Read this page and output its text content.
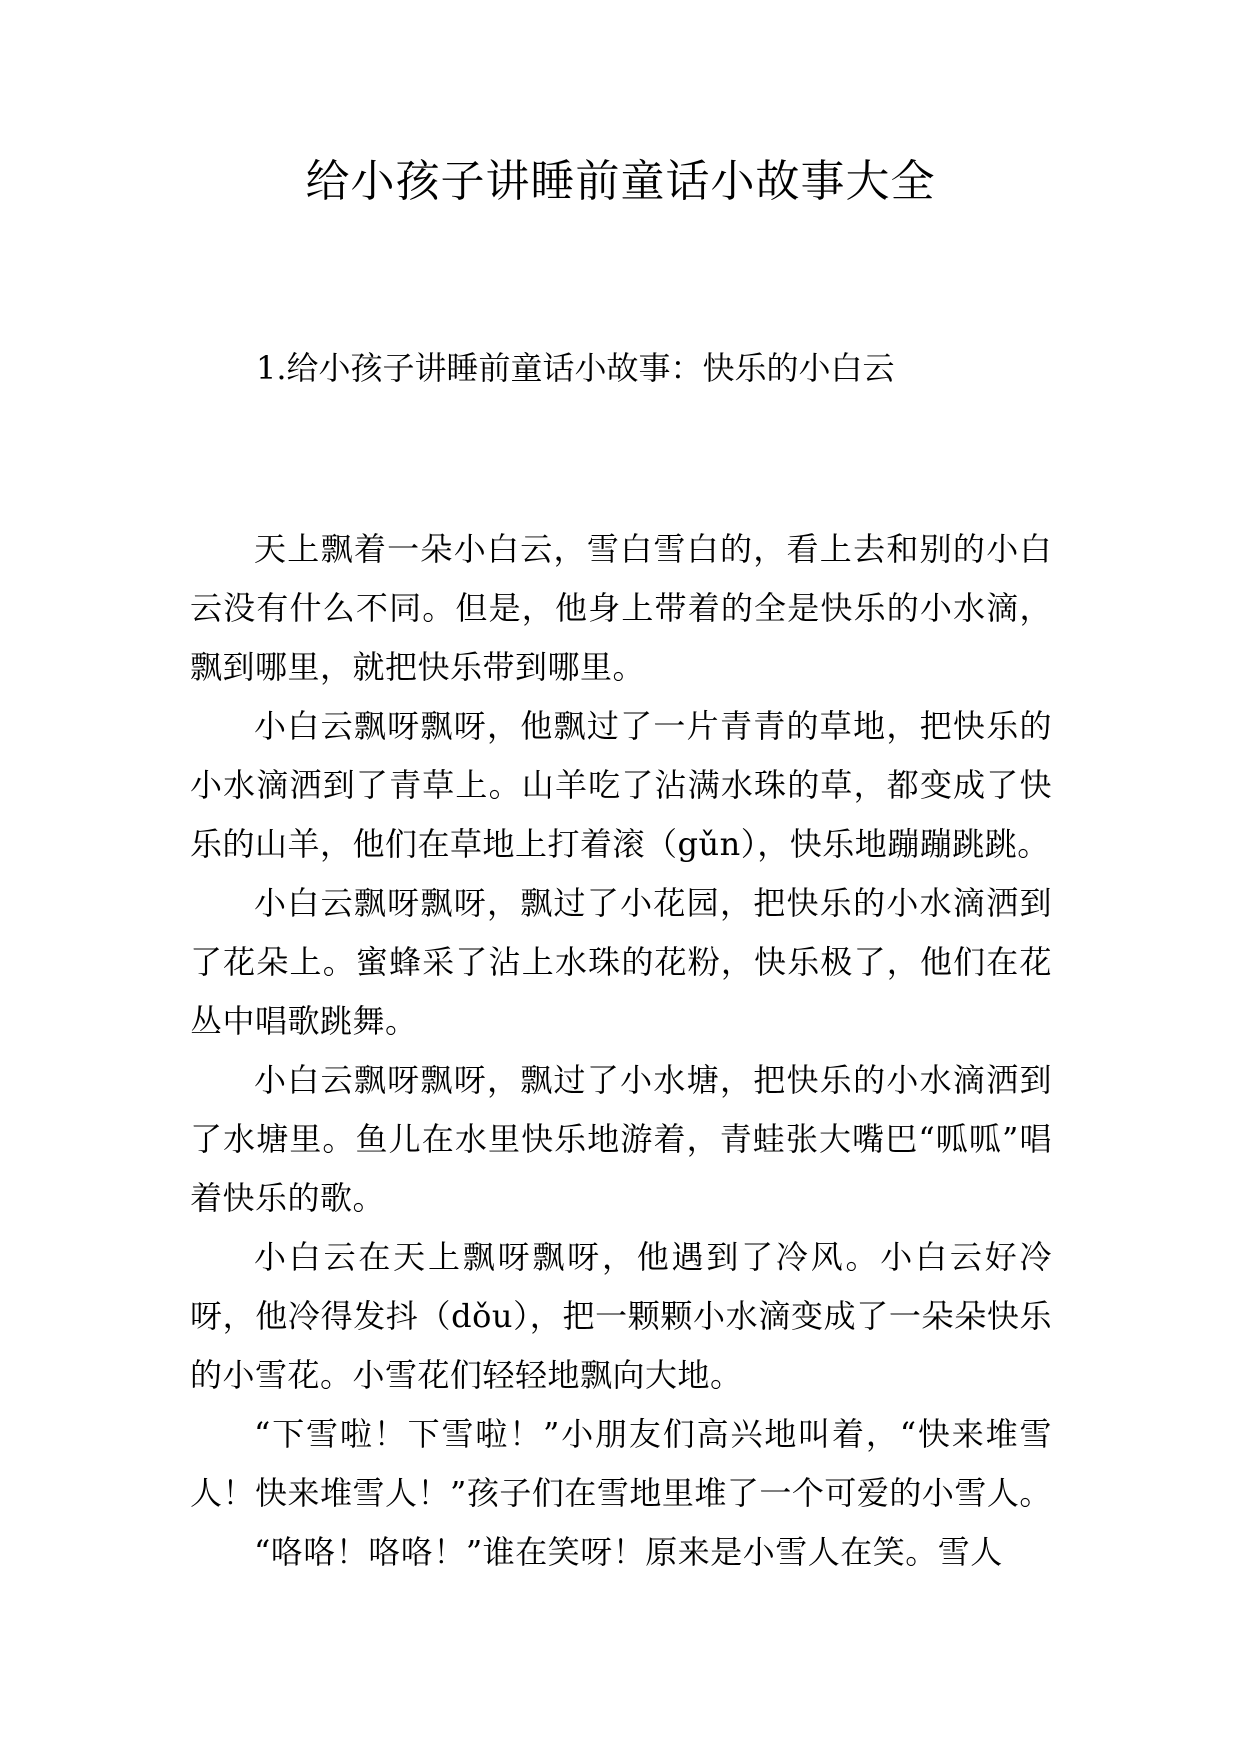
给小孩子讲睡前童话小故事大全
1.给小孩子讲睡前童话小故事：快乐的小白云

天上飘着一朵小白云，雪白雪白的，看上去和别的小白云没有什么不同。但是，他身上带着的全是快乐的小水滴，飘到哪里，就把快乐带到哪里。

小白云飘呀飘呀，他飘过了一片青青的草地，把快乐的小水滴洒到了青草上。山羊吃了沾满水珠的草，都变成了快乐的山羊，他们在草地上打着滚（gǔn），快乐地蹦蹦跳跳。

小白云飘呀飘呀，飘过了小花园，把快乐的小水滴洒到了花朵上。蜜蜂采了沾上水珠的花粉，快乐极了，他们在花丛中唱歌跳舞。

小白云飘呀飘呀，飘过了小水塘，把快乐的小水滴洒到了水塘里。鱼儿在水里快乐地游着，青蛙张大嘴巴“呱呱”唱着快乐的歌。

小白云在天上飘呀飘呀，他遇到了冷风。小白云好冷呀，他冷得发抖（dǒu），把一颗颗小水滴变成了一朵朵快乐的小雪花。小雪花们轻轻地飘向大地。

“下雪啦！下雪啦！”小朋友们高兴地叫着，“快来堆雪人！快来堆雪人！”孩子们在雪地里堆了一个可爱的小雪人。

“咯咯！咯咯！”谁在笑呀！原来是小雪人在笑。雪人
